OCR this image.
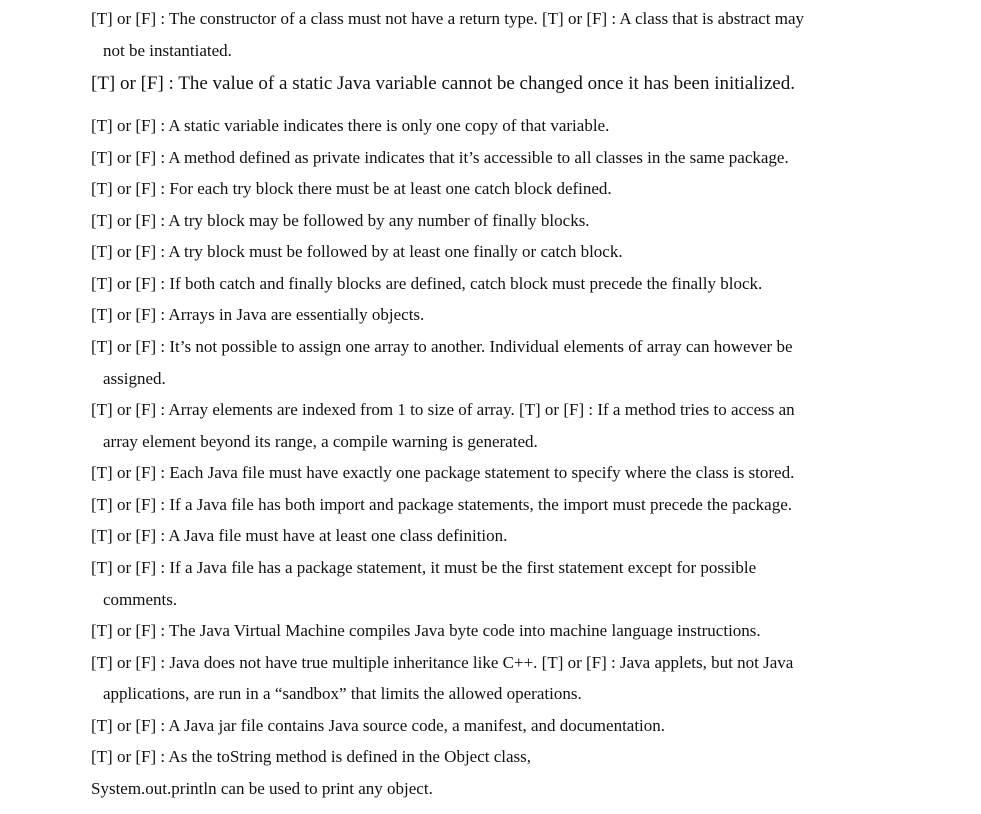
[T] or [F] : The constructor of a class must not have a return type. [T] or [F] : A class that is abstract may
not be instantiated.
[T] or [F] : The value of a static Java variable cannot be changed once it has been initialized.
[T] or [F] : A static variable indicates there is only one copy of that variable.
[T] or [F] : A method defined as private indicates that it’s accessible to all classes in the same package.
[T] or [F] : For each try block there must be at least one catch block defined.
[T] or [F] : A try block may be followed by any number of finally blocks.
[T] or [F] : A try block must be followed by at least one finally or catch block.
[T] or [F] : If both catch and finally blocks are defined, catch block must precede the finally block.
[T] or [F] : Arrays in Java are essentially objects.
[T] or [F] : It’s not possible to assign one array to another. Individual elements of array can however be
assigned.
[T] or [F] : Array elements are indexed from 1 to size of array. [T] or [F] : If a method tries to access an
array element beyond its range, a compile warning is generated.
[T] or [F] : Each Java file must have exactly one package statement to specify where the class is stored.
[T] or [F] : If a Java file has both import and package statements, the import must precede the package.
[T] or [F] : A Java file must have at least one class definition.
[T] or [F] : If a Java file has a package statement, it must be the first statement except for possible
comments.
[T] or [F] : The Java Virtual Machine compiles Java byte code into machine language instructions.
[T] or [F] : Java does not have true multiple inheritance like C++. [T] or [F] : Java applets, but not Java
applications, are run in a “sandbox” that limits the allowed operations.
[T] or [F] : A Java jar file contains Java source code, a manifest, and documentation.
[T] or [F] : As the toString method is defined in the Object class,
System.out.println can be used to print any object.
